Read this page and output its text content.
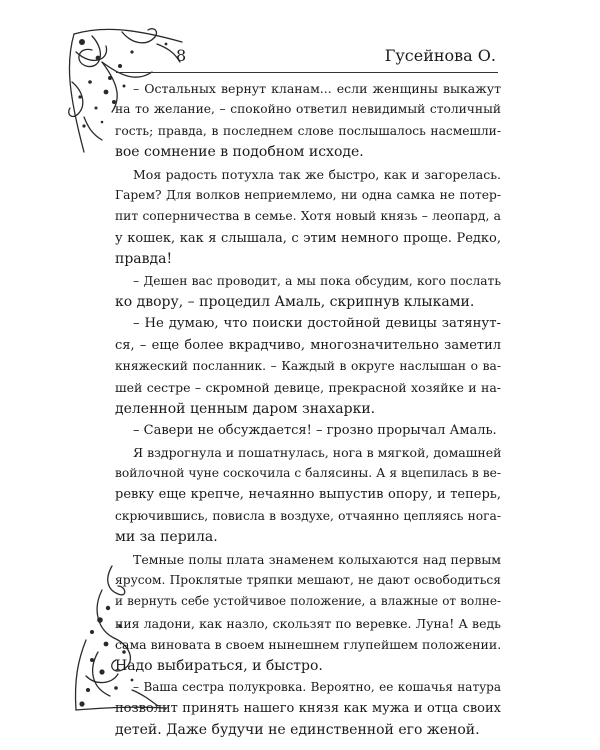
8	Гусейнова О.
– Остальных вернут кланам... если женщины выкажут
на то желание, – спокойно ответил невидимый столичный
гость; правда, в последнем слове послышалось насмешли-
вое сомнение в подобном исходе.
Моя радость потухла так же быстро, как и загорелась.
Гарем? Для волков неприемлемо, ни одна самка не потер-
пит соперничества в семье. Хотя новый князь – леопард, а
у кошек, как я слышала, с этим немного проще. Редко,
правда!
– Дешен вас проводит, а мы пока обсудим, кого послать
ко двору, – процедил Амаль, скрипнув клыками.
– Не думаю, что поиски достойной девицы затянут-
ся, – еще более вкрадчиво, многозначительно заметил
княжеский посланник. – Каждый в округе наслышан о ва-
шей сестре – скромной девице, прекрасной хозяйке и на-
деленной ценным даром знахарки.
– Савери не обсуждается! – грозно прорычал Амаль.
Я вздрогнула и пошатнулась, нога в мягкой, домашней
войлочной чуне соскочила с балясины. А я вцепилась в ве-
ревку еще крепче, нечаянно выпустив опору, и теперь,
скрючившись, повисла в воздухе, отчаянно цепляясь нога-
ми за перила.
Темные полы плата знаменем колыхаются над первым
ярусом. Проклятые тряпки мешают, не дают освободиться
и вернуть себе устойчивое положение, а влажные от волне-
ния ладони, как назло, скользят по веревке. Луна! А ведь
сама виновата в своем нынешнем глупейшем положении.
Надо выбираться, и быстро.
– Ваша сестра полукровка. Вероятно, ее кошачья натура
позволит принять нашего князя как мужа и отца своих
детей. Даже будучи не единственной его женой.
